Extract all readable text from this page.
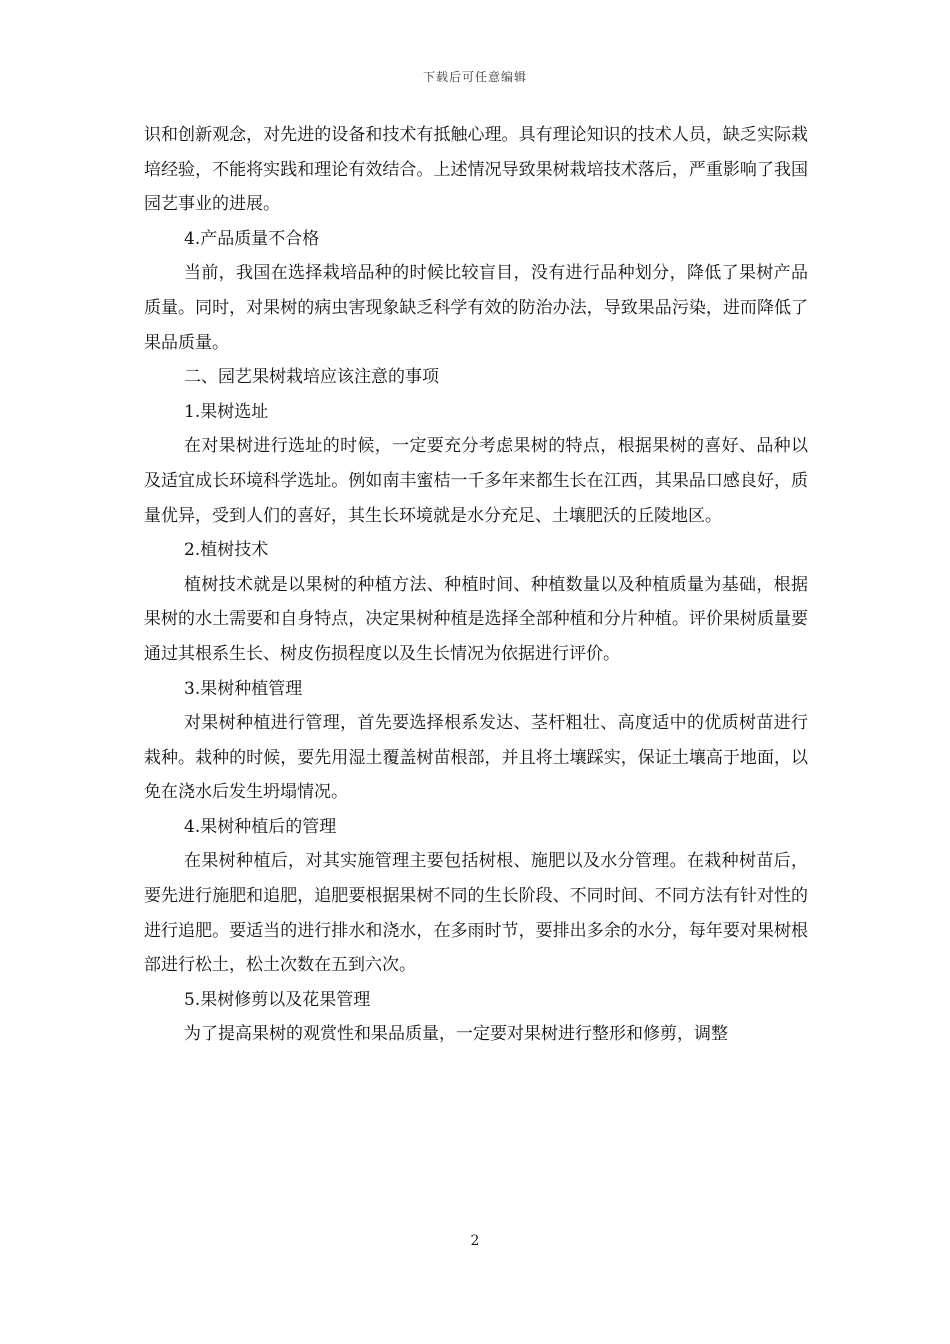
下载后可任意编辑

识和创新观念，对先进的设备和技术有抵触心理。具有理论知识的技术人员，缺乏实际栽培经验，不能将实践和理论有效结合。上述情况导致果树栽培技术落后，严重影响了我国园艺事业的进展。

4.产品质量不合格

当前，我国在选择栽培品种的时候比较盲目，没有进行品种划分，降低了果树产品质量。同时，对果树的病虫害现象缺乏科学有效的防治办法，导致果品污染，进而降低了果品质量。

二、园艺果树栽培应该注意的事项

1.果树选址

在对果树进行选址的时候，一定要充分考虑果树的特点，根据果树的喜好、品种以及适宜成长环境科学选址。例如南丰蜜桔一千多年来都生长在江西，其果品口感良好，质量优异，受到人们的喜好，其生长环境就是水分充足、土壤肥沃的丘陵地区。

2.植树技术

植树技术就是以果树的种植方法、种植时间、种植数量以及种植质量为基础，根据果树的水土需要和自身特点，决定果树种植是选择全部种植和分片种植。评价果树质量要通过其根系生长、树皮伤损程度以及生长情况为依据进行评价。

3.果树种植管理

对果树种植进行管理，首先要选择根系发达、茎杆粗壮、高度适中的优质树苗进行栽种。栽种的时候，要先用湿土覆盖树苗根部，并且将土壤踩实，保证土壤高于地面，以免在浇水后发生坍塌情况。

4.果树种植后的管理

在果树种植后，对其实施管理主要包括树根、施肥以及水分管理。在栽种树苗后，要先进行施肥和追肥，追肥要根据果树不同的生长阶段、不同时间、不同方法有针对性的进行追肥。要适当的进行排水和浇水，在多雨时节，要排出多余的水分，每年要对果树根部进行松土，松土次数在五到六次。

5.果树修剪以及花果管理

为了提高果树的观赏性和果品质量，一定要对果树进行整形和修剪，调整

2
